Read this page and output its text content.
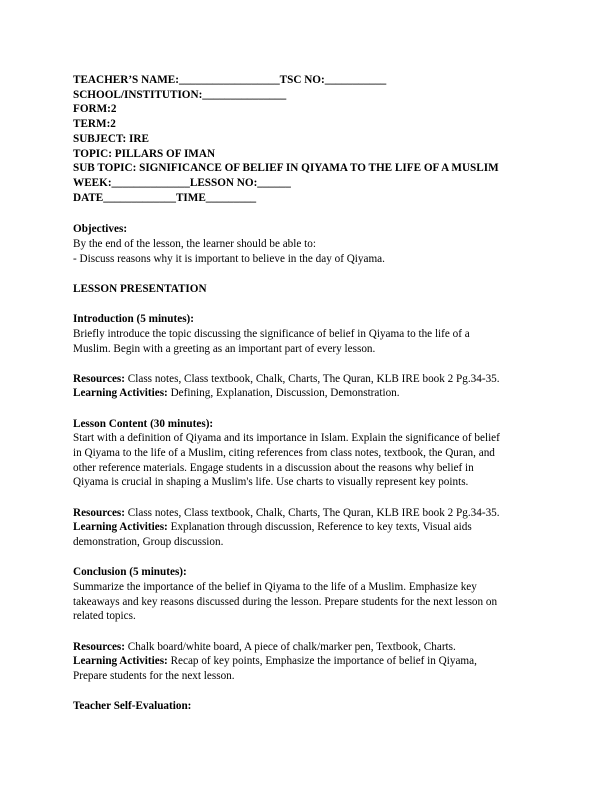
TEACHER’S NAME:__________________TSC NO:___________
SCHOOL/INSTITUTION:_______________
FORM:2
TERM:2
SUBJECT: IRE
TOPIC: PILLARS OF IMAN
SUB TOPIC: SIGNIFICANCE OF BELIEF IN QIYAMA TO THE LIFE OF A MUSLIM
WEEK:______________LESSON NO:______
DATE_____________TIME_________
Objectives:
By the end of the lesson, the learner should be able to:
- Discuss reasons why it is important to believe in the day of Qiyama.
LESSON PRESENTATION
Introduction (5 minutes):
Briefly introduce the topic discussing the significance of belief in Qiyama to the life of a
Muslim. Begin with a greeting as an important part of every lesson.
Resources: Class notes, Class textbook, Chalk, Charts, The Quran, KLB IRE book 2 Pg.34-35.
Learning Activities: Defining, Explanation, Discussion, Demonstration.
Lesson Content (30 minutes):
Start with a definition of Qiyama and its importance in Islam. Explain the significance of belief
in Qiyama to the life of a Muslim, citing references from class notes, textbook, the Quran, and
other reference materials. Engage students in a discussion about the reasons why belief in
Qiyama is crucial in shaping a Muslim's life. Use charts to visually represent key points.
Resources: Class notes, Class textbook, Chalk, Charts, The Quran, KLB IRE book 2 Pg.34-35.
Learning Activities: Explanation through discussion, Reference to key texts, Visual aids
demonstration, Group discussion.
Conclusion (5 minutes):
Summarize the importance of the belief in Qiyama to the life of a Muslim. Emphasize key
takeaways and key reasons discussed during the lesson. Prepare students for the next lesson on
related topics.
Resources: Chalk board/white board, A piece of chalk/marker pen, Textbook, Charts.
Learning Activities: Recap of key points, Emphasize the importance of belief in Qiyama,
Prepare students for the next lesson.
Teacher Self-Evaluation:
